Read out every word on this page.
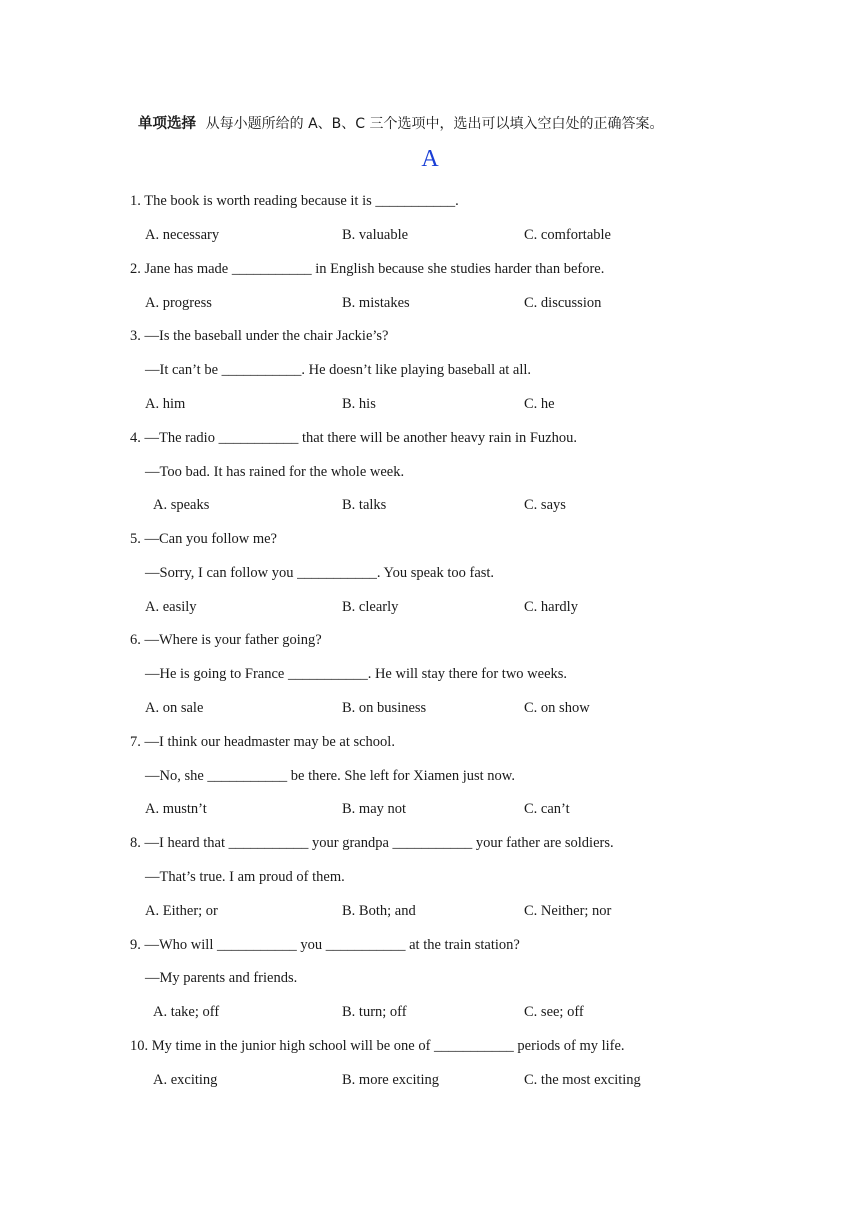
单项选择 从每小题所给的 A、B、C 三个选项中，选出可以填入空白处的正确答案。
A
1. The book is worth reading because it is ___________.
A. necessary	B. valuable	C. comfortable
2. Jane has made ___________ in English because she studies harder than before.
A. progress	B. mistakes	C. discussion
3. —Is the baseball under the chair Jackie’s?
—It can’t be ___________. He doesn’t like playing baseball at all.
A. him	B. his	C. he
4. —The radio ___________ that there will be another heavy rain in Fuzhou.
—Too bad. It has rained for the whole week.
A. speaks	B. talks	C. says
5. —Can you follow me?
—Sorry, I can follow you ___________. You speak too fast.
A. easily	B. clearly	C. hardly
6. —Where is your father going?
—He is going to France ___________. He will stay there for two weeks.
A. on sale	B. on business	C. on show
7. —I think our headmaster may be at school.
—No, she ___________ be there. She left for Xiamen just now.
A. mustn’t	B. may not	C. can’t
8. —I heard that ___________ your grandpa ___________ your father are soldiers.
—That’s true. I am proud of them.
A. Either; or	B. Both; and	C. Neither; nor
9. —Who will ___________ you ___________ at the train station?
—My parents and friends.
A. take; off	B. turn; off	C. see; off
10. My time in the junior high school will be one of ___________ periods of my life.
A. exciting	B. more exciting	C. the most exciting
